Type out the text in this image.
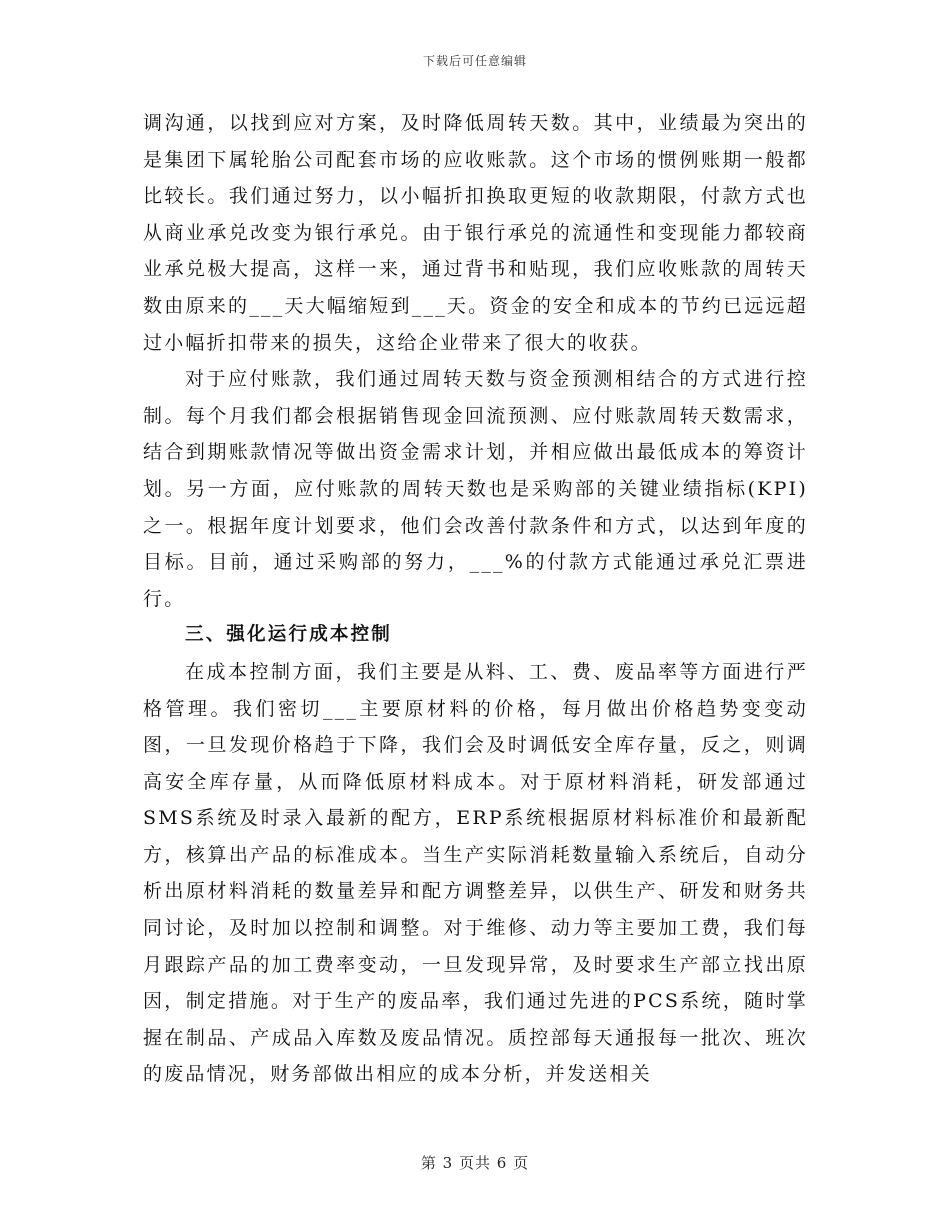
下载后可任意编辑

调沟通，以找到应对方案，及时降低周转天数。其中，业绩最为突出的是集团下属轮胎公司配套市场的应收账款。这个市场的惯例账期一般都比较长。我们通过努力，以小幅折扣换取更短的收款期限，付款方式也从商业承兑改变为银行承兑。由于银行承兑的流通性和变现能力都较商业承兑极大提高，这样一来，通过背书和贴现，我们应收账款的周转天数由原来的___天大幅缩短到___天。资金的安全和成本的节约已远远超过小幅折扣带来的损失，这给企业带来了很大的收获。

对于应付账款，我们通过周转天数与资金预测相结合的方式进行控制。每个月我们都会根据销售现金回流预测、应付账款周转天数需求，结合到期账款情况等做出资金需求计划，并相应做出最低成本的筹资计划。另一方面，应付账款的周转天数也是采购部的关键业绩指标(KPI)之一。根据年度计划要求，他们会改善付款条件和方式，以达到年度的目标。目前，通过采购部的努力，___%的付款方式能通过承兑汇票进行。

三、强化运行成本控制

在成本控制方面，我们主要是从料、工、费、废品率等方面进行严格管理。我们密切___主要原材料的价格，每月做出价格趋势变变动图，一旦发现价格趋于下降，我们会及时调低安全库存量，反之，则调高安全库存量，从而降低原材料成本。对于原材料消耗，研发部通过SMS系统及时录入最新的配方，ERP系统根据原材料标准价和最新配方，核算出产品的标准成本。当生产实际消耗数量输入系统后，自动分析出原材料消耗的数量差异和配方调整差异，以供生产、研发和财务共同讨论，及时加以控制和调整。对于维修、动力等主要加工费，我们每月跟踪产品的加工费率变动，一旦发现异常，及时要求生产部立找出原因，制定措施。对于生产的废品率，我们通过先进的PCS系统，随时掌握在制品、产成品入库数及废品情况。质控部每天通报每一批次、班次的废品情况，财务部做出相应的成本分析，并发送相关

第 3 页共 6 页
